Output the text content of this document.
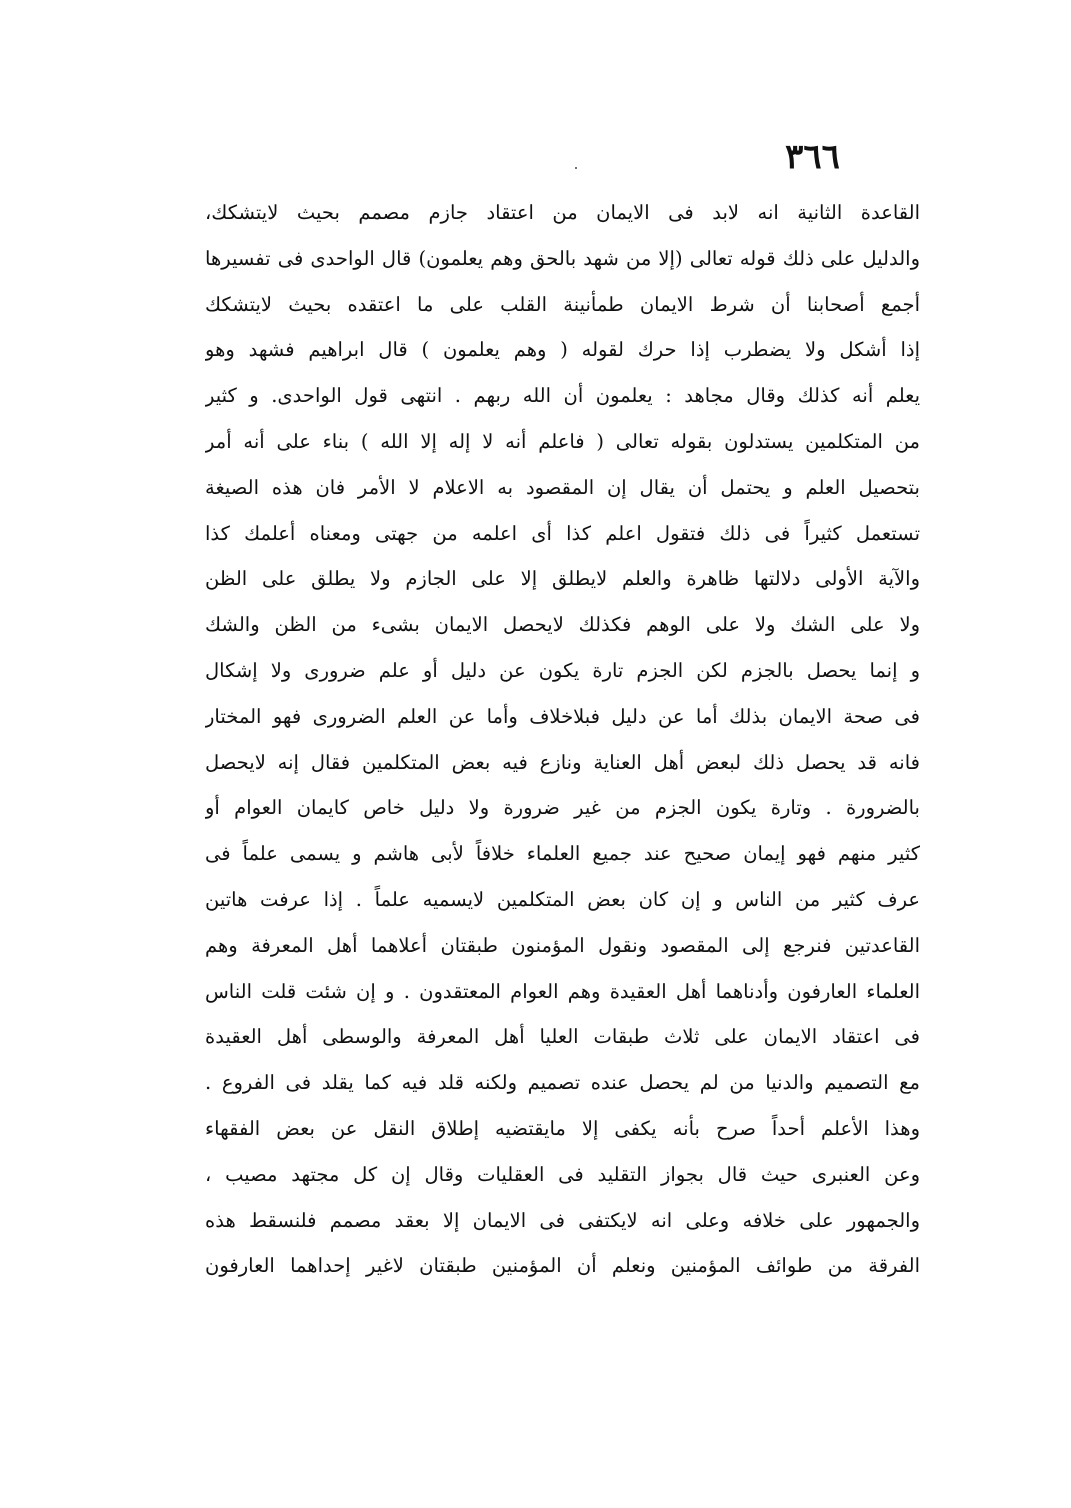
٣٦٦
القاعدة الثانية انه لابد فى الايمان من اعتقاد جازم مصمم بحيث لايتشكك،
والدليل على ذلك قوله تعالى (إلا من شهد بالحق وهم يعلمون) قال الواحدى فى تفسيرها
أجمع أصحابنا أن شرط الايمان طمأنينة القلب على ما اعتقده بحيث لايتشكك
إذا أشكل ولا يضطرب إذا حرك لقوله ( وهم يعلمون ) قال ابراهيم فشهد وهو
يعلم أنه كذلك وقال مجاهد : يعلمون أن الله ربهم . انتهى قول الواحدى. و كثير
من المتكلمين يستدلون بقوله تعالى ( فاعلم أنه لا إله إلا الله ) بناء على أنه أمر
بتحصيل العلم و يحتمل أن يقال إن المقصود به الاعلام لا الأمر فان هذه الصيغة
تستعمل كثيراً فى ذلك فتقول اعلم كذا أى اعلمه من جهتى ومعناه أعلمك كذا
والآية الأولى دلالتها ظاهرة والعلم لايطلق إلا على الجازم ولا يطلق على الظن
ولا على الشك ولا على الوهم فكذلك لايحصل الايمان بشىء من الظن والشك
و إنما يحصل بالجزم لكن الجزم تارة يكون عن دليل أو علم ضرورى ولا إشكال
فى صحة الايمان بذلك أما عن دليل فبلاخلاف وأما عن العلم الضرورى فهو المختار
فانه قد يحصل ذلك لبعض أهل العناية ونازع فيه بعض المتكلمين فقال إنه لايحصل
بالضرورة . وتارة يكون الجزم من غير ضرورة ولا دليل خاص كايمان العوام أو
كثير منهم فهو إيمان صحيح عند جميع العلماء خلافاً لأبى هاشم و يسمى علماً فى
عرف كثير من الناس و إن كان بعض المتكلمين لايسميه علماً . إذا عرفت هاتين
القاعدتين فنرجع إلى المقصود ونقول المؤمنون طبقتان أعلاهما أهل المعرفة وهم
العلماء العارفون وأدناهما أهل العقيدة وهم العوام المعتقدون . و إن شئت قلت الناس
فى اعتقاد الايمان على ثلاث طبقات العليا أهل المعرفة والوسطى أهل العقيدة
مع التصميم والدنيا من لم يحصل عنده تصميم ولكنه قلد فيه كما يقلد فى الفروع .
وهذا الأعلم أحداً صرح بأنه يكفى إلا مايقتضيه إطلاق النقل عن بعض الفقهاء
وعن العنبرى حيث قال بجواز التقليد فى العقليات وقال إن كل مجتهد مصيب ،
والجمهور على خلافه وعلى انه لايكتفى فى الايمان إلا بعقد مصمم فلنسقط هذه
الفرقة من طوائف المؤمنين ونعلم أن المؤمنين طبقتان لاغير إحداهما العارفون
